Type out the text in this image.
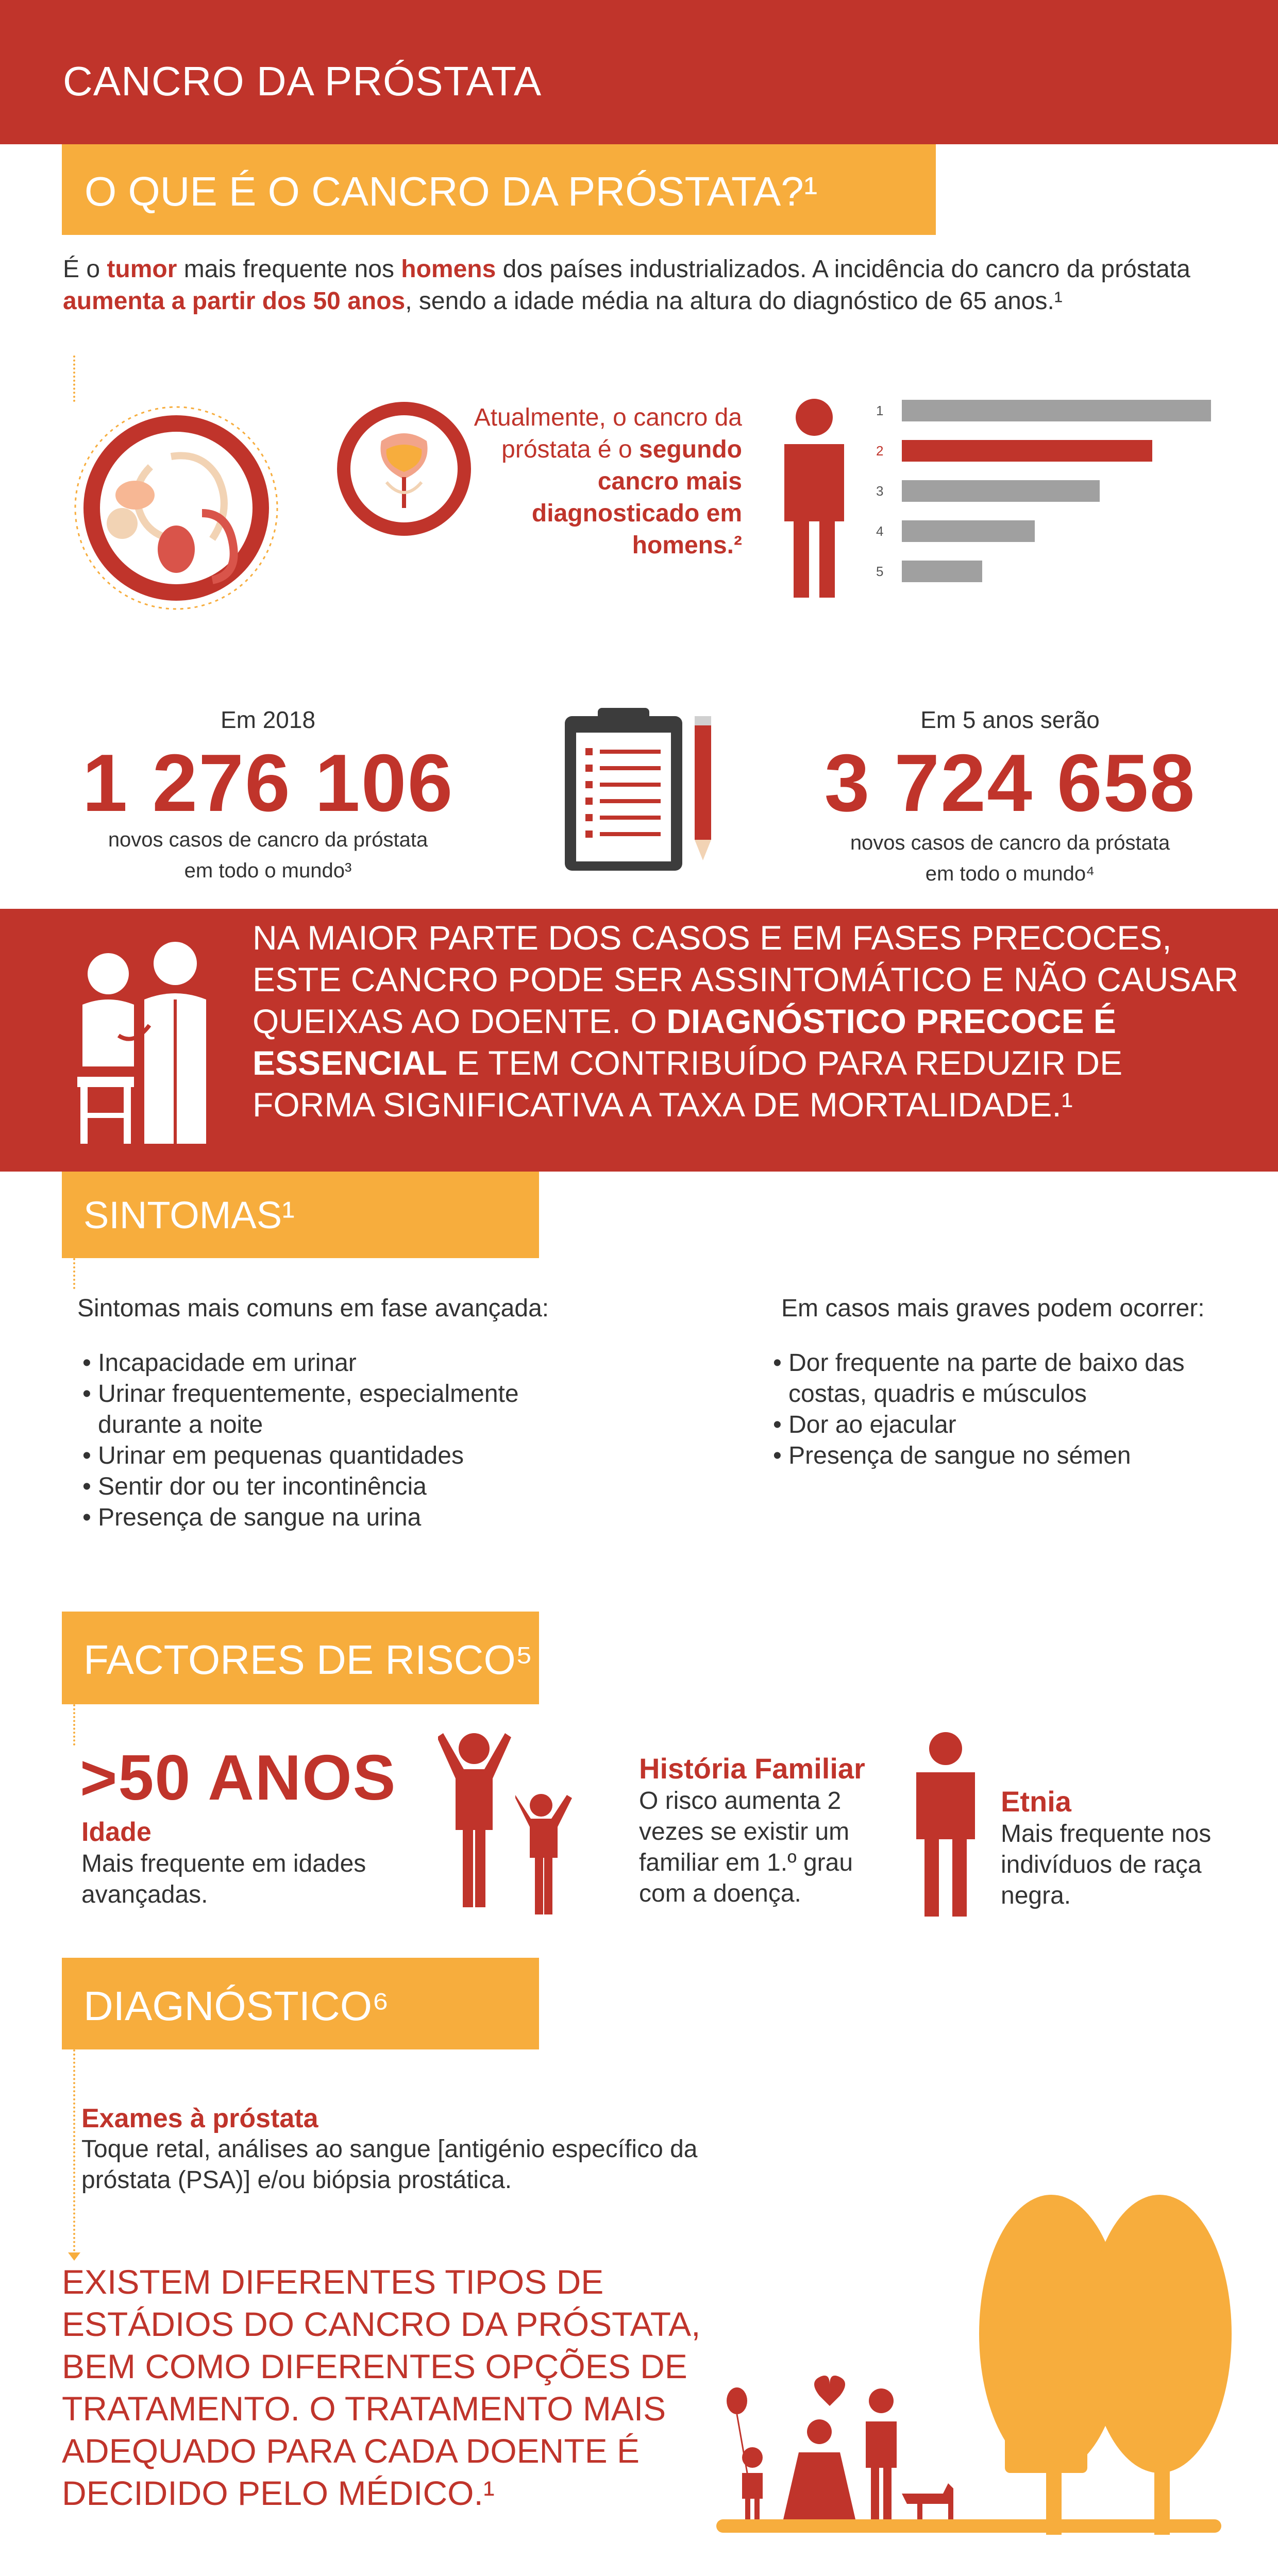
CANCRO DA PRÓSTATA
O QUE É O CANCRO DA PRÓSTATA?¹
É o tumor mais frequente nos homens dos países industrializados. A incidência do cancro da próstata aumenta a partir dos 50 anos, sendo a idade média na altura do diagnóstico de 65 anos.¹
Atualmente, o cancro da próstata é o segundo cancro mais diagnosticado em homens.²
1
2
3
4
5
Em 2018
1 276 106
novos casos de cancro da próstata
em todo o mundo³
Em 5 anos serão
3 724 658
novos casos de cancro da próstata
em todo o mundo⁴
NA MAIOR PARTE DOS CASOS E EM FASES PRECOCES, ESTE CANCRO PODE SER ASSINTOMÁTICO E NÃO CAUSAR QUEIXAS AO DOENTE. O DIAGNÓSTICO PRECOCE É ESSENCIAL E TEM CONTRIBUÍDO PARA REDUZIR DE FORMA SIGNIFICATIVA A TAXA DE MORTALIDADE.¹
SINTOMAS¹
Sintomas mais comuns em fase avançada:
• Incapacidade em urinar
• Urinar frequentemente, especialmente durante a noite
• Urinar em pequenas quantidades
• Sentir dor ou ter incontinência
• Presença de sangue na urina
Em casos mais graves podem ocorrer:
• Dor frequente na parte de baixo das costas, quadris e músculos
• Dor ao ejacular
• Presença de sangue no sémen
FACTORES DE RISCO⁵
>50 ANOS
Idade
Mais frequente em idades avançadas.
História Familiar
O risco aumenta 2 vezes se existir um familiar em 1.º grau com a doença.
Etnia
Mais frequente nos indivíduos de raça negra.
DIAGNÓSTICO⁶
Exames à próstata
Toque retal, análises ao sangue [antigénio específico da próstata (PSA)] e/ou biópsia prostática.
EXISTEM DIFERENTES TIPOS DE ESTÁDIOS DO CANCRO DA PRÓSTATA, BEM COMO DIFERENTES OPÇÕES DE TRATAMENTO. O TRATAMENTO MAIS ADEQUADO PARA CADA DOENTE É DECIDIDO PELO MÉDICO.¹
